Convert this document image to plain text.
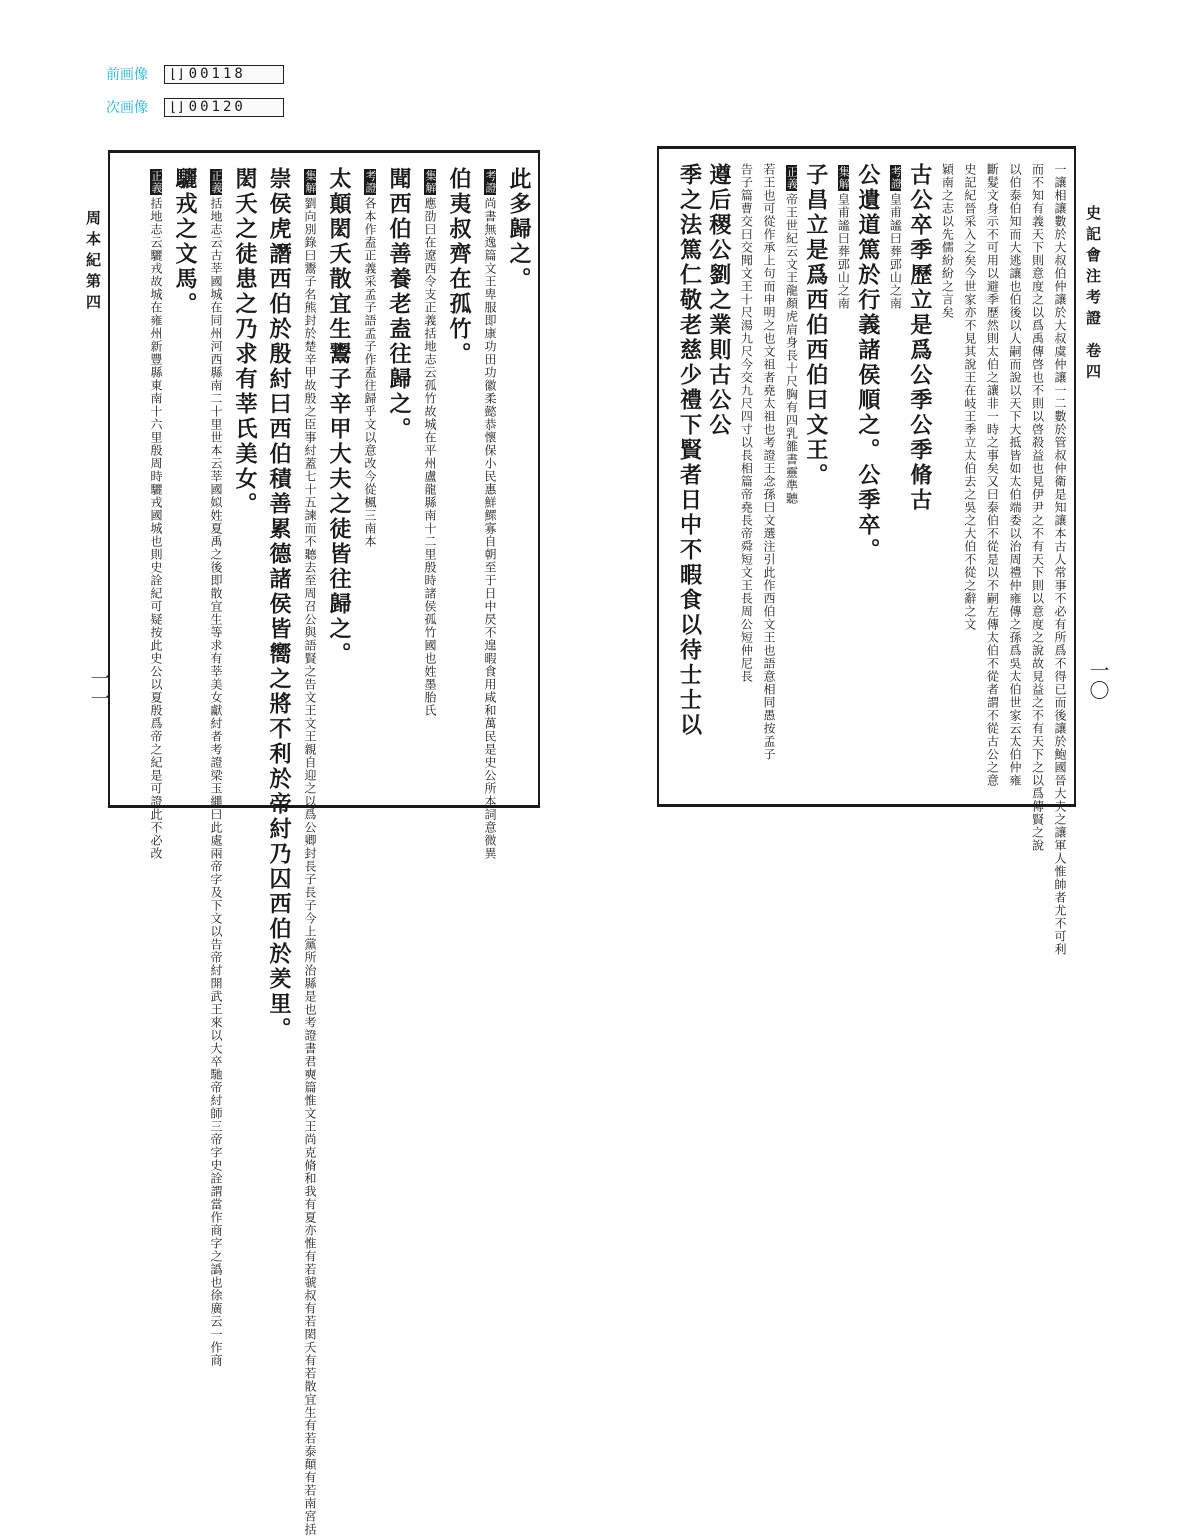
前画像	⌊⌋ 00118
次画像	⌊⌋ 00120
此多歸之。
考證尚書無逸篇文王卑服即康功田功徽柔懿恭懷保小民惠鮮鰥寡自朝至于日中昃不遑暇食用咸和萬民是史公所本詞意微異
伯夷叔齊在孤竹。
集解應劭曰在遼西令支正義括地志云孤竹故城在平州盧龍縣南十二里殷時諸侯孤竹國也姓墨胎氏
聞西伯善養老盍往歸之。
考證各本作盍正義采孟子語孟子作盍往歸乎文以意改今從楓三南本
太顛閎夭散宜生鬻子辛甲大夫之徒皆往歸之。
集解劉向別錄曰鬻子名熊封於楚辛甲故殷之臣事紂蓋七十五諫而不聽去至周召公與語賢之告文王文王親自迎之以爲公卿封長子長子今上黨所治縣是也考證書君奭篇惟文王尚克脩和我有夏亦惟有若虢叔有若閎夭有若散宜生有若泰顛有若南宮括
崇侯虎譖西伯於殷紂曰西伯積善累德諸侯皆嚮之將不利於帝紂乃囚西伯於羑里。
閎夭之徒患之乃求有莘氏美女。
正義括地志云古莘國城在同州河西縣南二十里世本云莘國姒姓夏禹之後即散宜生等求有莘美女獻紂者考證梁玉繩曰此處兩帝字及下文以告帝紂開武王來以大卒馳帝紂師三帝字史詮謂當作商字之譌也徐廣云一作商
驪戎之文馬。
正義括地志云驪戎故城在雍州新豐縣東南十六里殷周時驪戎國城也則史詮紀可疑按此史公以夏殷爲帝之紀是可證此不必改
周本紀第四
一一	一讓相讓數於大叔伯仲讓於大叔虞仲讓一二數於管叔仲衛是知讓本古人常事不必有所爲不得已而後讓於鮑國晉大夫之讓軍人惟帥者尤不可利
而不知有義天下則意度之以爲禹傳啓也不則以啓殺益也見伊尹之不有天下則以意度之說故見益之不有天下之以爲傳賢之說
以伯泰伯知而大逃讓也伯後以人嗣而說以天下大抵皆如太伯端委以治周禮仲雍傳之孫爲吳太伯世家云太伯仲雍
斷髮文身示不可用以避季歷然則太伯之讓非一時之事矣又曰泰伯不從是以不嗣左傳太伯不從者謂不從古公之意
史記紀晉采入之矣今世家亦不見其說王在岐王季立太伯去之吳之大伯不從之辭之文
穎南之志以先儒紛紛之言矣
古公卒季歷立是爲公季公季脩古
考證皇甫謐曰葬郖山之南
公遺道篤於行義諸侯順之。公季卒。
集解皇甫謐曰葬郖山之南
子昌立是爲西伯西伯曰文王。
正義帝王世紀云文王龍顏虎肩身長十尺胸有四乳雒書靈準聽
若王也可從作承上句而申明之也文祖者堯太祖也考證王念孫曰文選注引此作西伯文王也語意相同愚按孟子
告子篇曹交曰交聞文王十尺湯九尺今交九尺四寸以長相篇帝堯長帝舜短文王長周公短仲尼長
遵后稷公劉之業則古公公
季之法篤仁敬老慈少禮下賢者日中不暇食以待士士以	史記會注考證 卷四
一〇
